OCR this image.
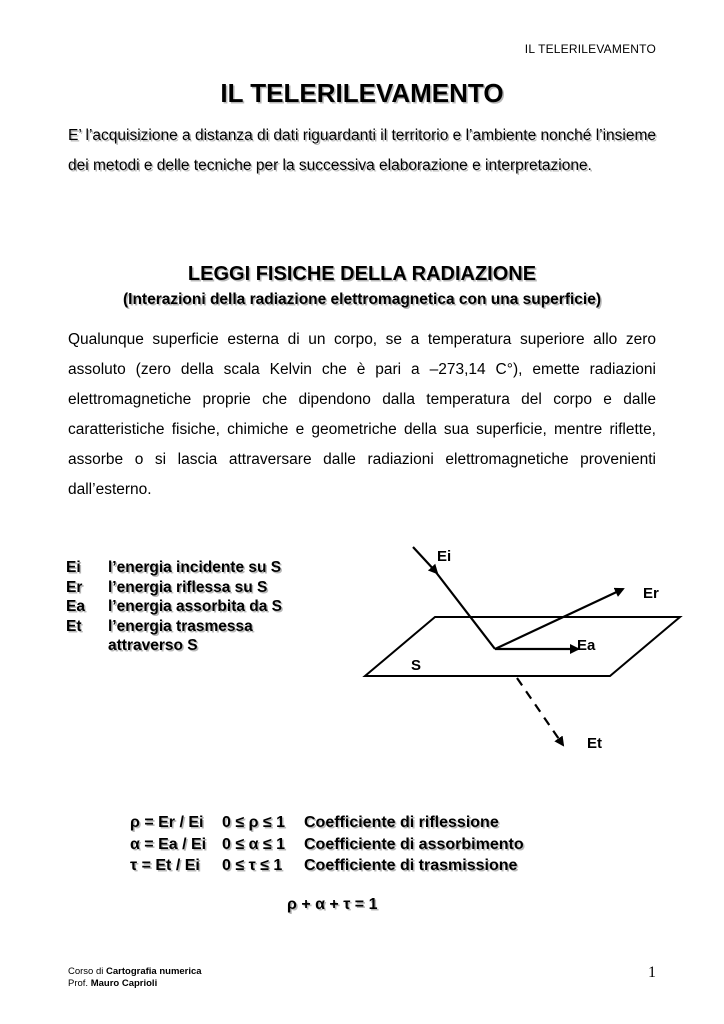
IL TELERILEVAMENTO
IL TELERILEVAMENTO

E’ l’acquisizione a distanza di dati riguardanti il territorio e l’ambiente nonché l’insieme dei metodi e delle tecniche per la successiva elaborazione e interpretazione.

LEGGI FISICHE DELLA RADIAZIONE
(Interazioni della radiazione elettromagnetica con una superficie)

Qualunque superficie esterna di un corpo, se a temperatura superiore allo zero assoluto (zero della scala Kelvin che è pari a –273,14 C°), emette radiazioni elettromagnetiche proprie che dipendono dalla temperatura del corpo e dalle caratteristiche fisiche, chimiche e geometriche della sua superficie, mentre riflette, assorbe o si lascia attraversare dalle radiazioni elettromagnetiche provenienti dall’esterno.

Ei	l’energia incidente su S
Er	l’energia riflessa su S
Ea	l’energia assorbita da S
Et	l’energia trasmessa
	attraverso S
Ei
Er
Ea
S
Et
ρ = Er / Ei	0 ≤ ρ ≤ 1	Coefficiente di riflessione
α = Ea / Ei	0 ≤ α ≤ 1	Coefficiente di assorbimento
τ = Et / Ei	0 ≤ τ ≤ 1	Coefficiente di trasmissione
ρ + α + τ = 1
Corso di Cartografia numerica
Prof. Mauro Caprioli
1
